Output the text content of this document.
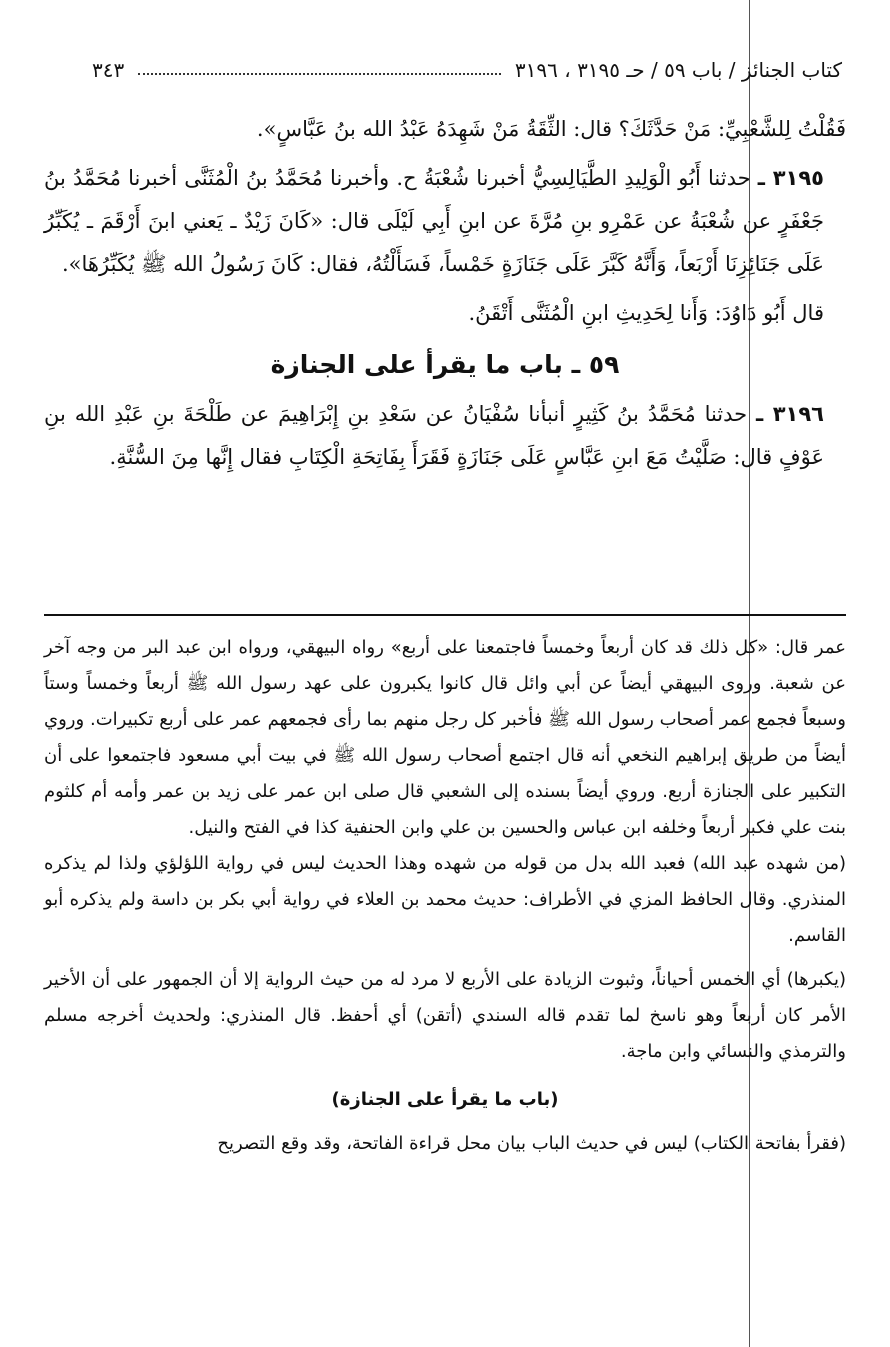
كتاب الجنائز / باب ٥٩ / حـ ٣١٩٥ ، ٣١٩٦
٣٤٣

فَقُلْتُ لِلشَّعْبِيِّ: مَنْ حَدَّثَكَ؟ قال: الثِّقَةُ مَنْ شَهِدَهُ عَبْدُ الله بنُ عَبَّاسٍ».

٣١٩٥ ـ حدثنا أَبُو الْوَلِيدِ الطَّيَالِسِيُّ أخبرنا شُعْبَةُ ح. وأخبرنا مُحَمَّدُ بنُ الْمُثَنَّى أخبرنا مُحَمَّدُ بنُ جَعْفَرٍ عن شُعْبَةُ عن عَمْرِو بنِ مُرَّةَ عن ابنِ أَبِي لَيْلَى قال: «كَانَ زَيْدٌ ـ يَعني ابنَ أَرْقَمَ ـ يُكَبِّرُ عَلَى جَنَائِزِنَا أَرْبَعاً، وَأَنَّهُ كَبَّرَ عَلَى جَنَازَةٍ خَمْساً، فَسَأَلْتُهُ، فقال: كَانَ رَسُولُ الله ﷺ يُكَبِّرُهَا».

قال أَبُو دَاوُدَ: وَأَنا لِحَدِيثِ ابنِ الْمُثَنَّى أَتْقَنُ.

٥٩ ـ باب ما يقرأ على الجنازة

٣١٩٦ ـ حدثنا مُحَمَّدُ بنُ كَثِيرٍ أنبأنا سُفْيَانُ عن سَعْدِ بنِ إِبْرَاهِيمَ عن طَلْحَةَ بنِ عَبْدِ الله بنِ عَوْفٍ قال: صَلَّيْتُ مَعَ ابنِ عَبَّاسٍ عَلَى جَنَازَةٍ فَقَرَأَ بِفَاتِحَةِ الْكِتَابِ فقال إِنَّها مِنَ السُّنَّةِ.

عمر قال: «كل ذلك قد كان أربعاً وخمساً فاجتمعنا على أربع» رواه البيهقي، ورواه ابن عبد البر من وجه آخر عن شعبة. وروى البيهقي أيضاً عن أبي وائل قال كانوا يكبرون على عهد رسول الله ﷺ أربعاً وخمساً وستاً وسبعاً فجمع عمر أصحاب رسول الله ﷺ فأخبر كل رجل منهم بما رأى فجمعهم عمر على أربع تكبيرات. وروي أيضاً من طريق إبراهيم النخعي أنه قال اجتمع أصحاب رسول الله ﷺ في بيت أبي مسعود فاجتمعوا على أن التكبير على الجنازة أربع. وروي أيضاً بسنده إلى الشعبي قال صلى ابن عمر على زيد بن عمر وأمه أم كلثوم بنت علي فكبر أربعاً وخلفه ابن عباس والحسين بن علي وابن الحنفية كذا في الفتح والنيل.

(من شهده عبد الله) فعبد الله بدل من قوله من شهده وهذا الحديث ليس في رواية اللؤلؤي ولذا لم يذكره المنذري. وقال الحافظ المزي في الأطراف: حديث محمد بن العلاء في رواية أبي بكر بن داسة ولم يذكره أبو القاسم.

(يكبرها) أي الخمس أحياناً، وثبوت الزيادة على الأربع لا مرد له من حيث الرواية إلا أن الجمهور على أن الأخير الأمر كان أربعاً وهو ناسخ لما تقدم قاله السندي (أتقن) أي أحفظ. قال المنذري: ولحديث أخرجه مسلم والترمذي والنسائي وابن ماجة.

(باب ما يقرأ على الجنازة)

(فقرأ بفاتحة الكتاب) ليس في حديث الباب بيان محل قراءة الفاتحة، وقد وقع التصريح
